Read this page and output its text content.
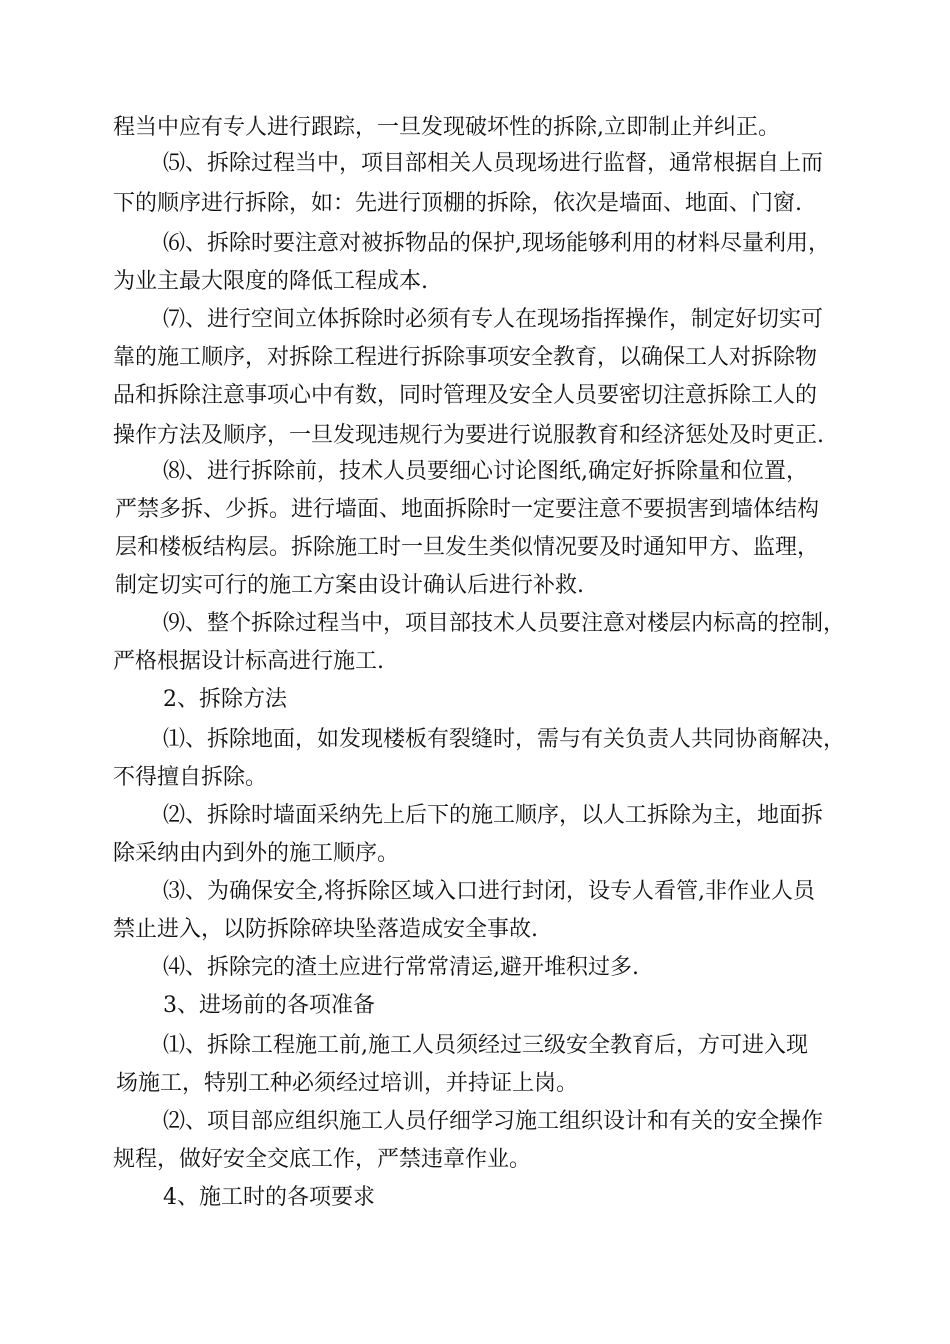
程当中应有专人进行跟踪，一旦发现破坏性的拆除,立即制止并纠正。
⑸、拆除过程当中，项目部相关人员现场进行监督，通常根据自上而
下的顺序进行拆除，如：先进行顶棚的拆除，依次是墙面、地面、门窗.
⑹、拆除时要注意对被拆物品的保护,现场能够利用的材料尽量利用，
为业主最大限度的降低工程成本.
⑺、进行空间立体拆除时必须有专人在现场指挥操作，制定好切实可
靠的施工顺序，对拆除工程进行拆除事项安全教育，以确保工人对拆除物
品和拆除注意事项心中有数，同时管理及安全人员要密切注意拆除工人的
操作方法及顺序，一旦发现违规行为要进行说服教育和经济惩处及时更正.
⑻、进行拆除前，技术人员要细心讨论图纸,确定好拆除量和位置，
严禁多拆、少拆。进行墙面、地面拆除时一定要注意不要损害到墙体结构
层和楼板结构层。拆除施工时一旦发生类似情况要及时通知甲方、监理，
制定切实可行的施工方案由设计确认后进行补救.
⑼、整个拆除过程当中，项目部技术人员要注意对楼层内标高的控制，
严格根据设计标高进行施工.
2、拆除方法
⑴、拆除地面，如发现楼板有裂缝时，需与有关负责人共同协商解决，
不得擅自拆除。
⑵、拆除时墙面采纳先上后下的施工顺序，以人工拆除为主，地面拆
除采纳由内到外的施工顺序。
⑶、为确保安全,将拆除区域入口进行封闭，设专人看管,非作业人员
禁止进入，以防拆除碎块坠落造成安全事故.
⑷、拆除完的渣土应进行常常清运,避开堆积过多.
3、进场前的各项准备
⑴、拆除工程施工前,施工人员须经过三级安全教育后，方可进入现
场施工，特别工种必须经过培训，并持证上岗。
⑵、项目部应组织施工人员仔细学习施工组织设计和有关的安全操作
规程，做好安全交底工作，严禁违章作业。
4、施工时的各项要求
